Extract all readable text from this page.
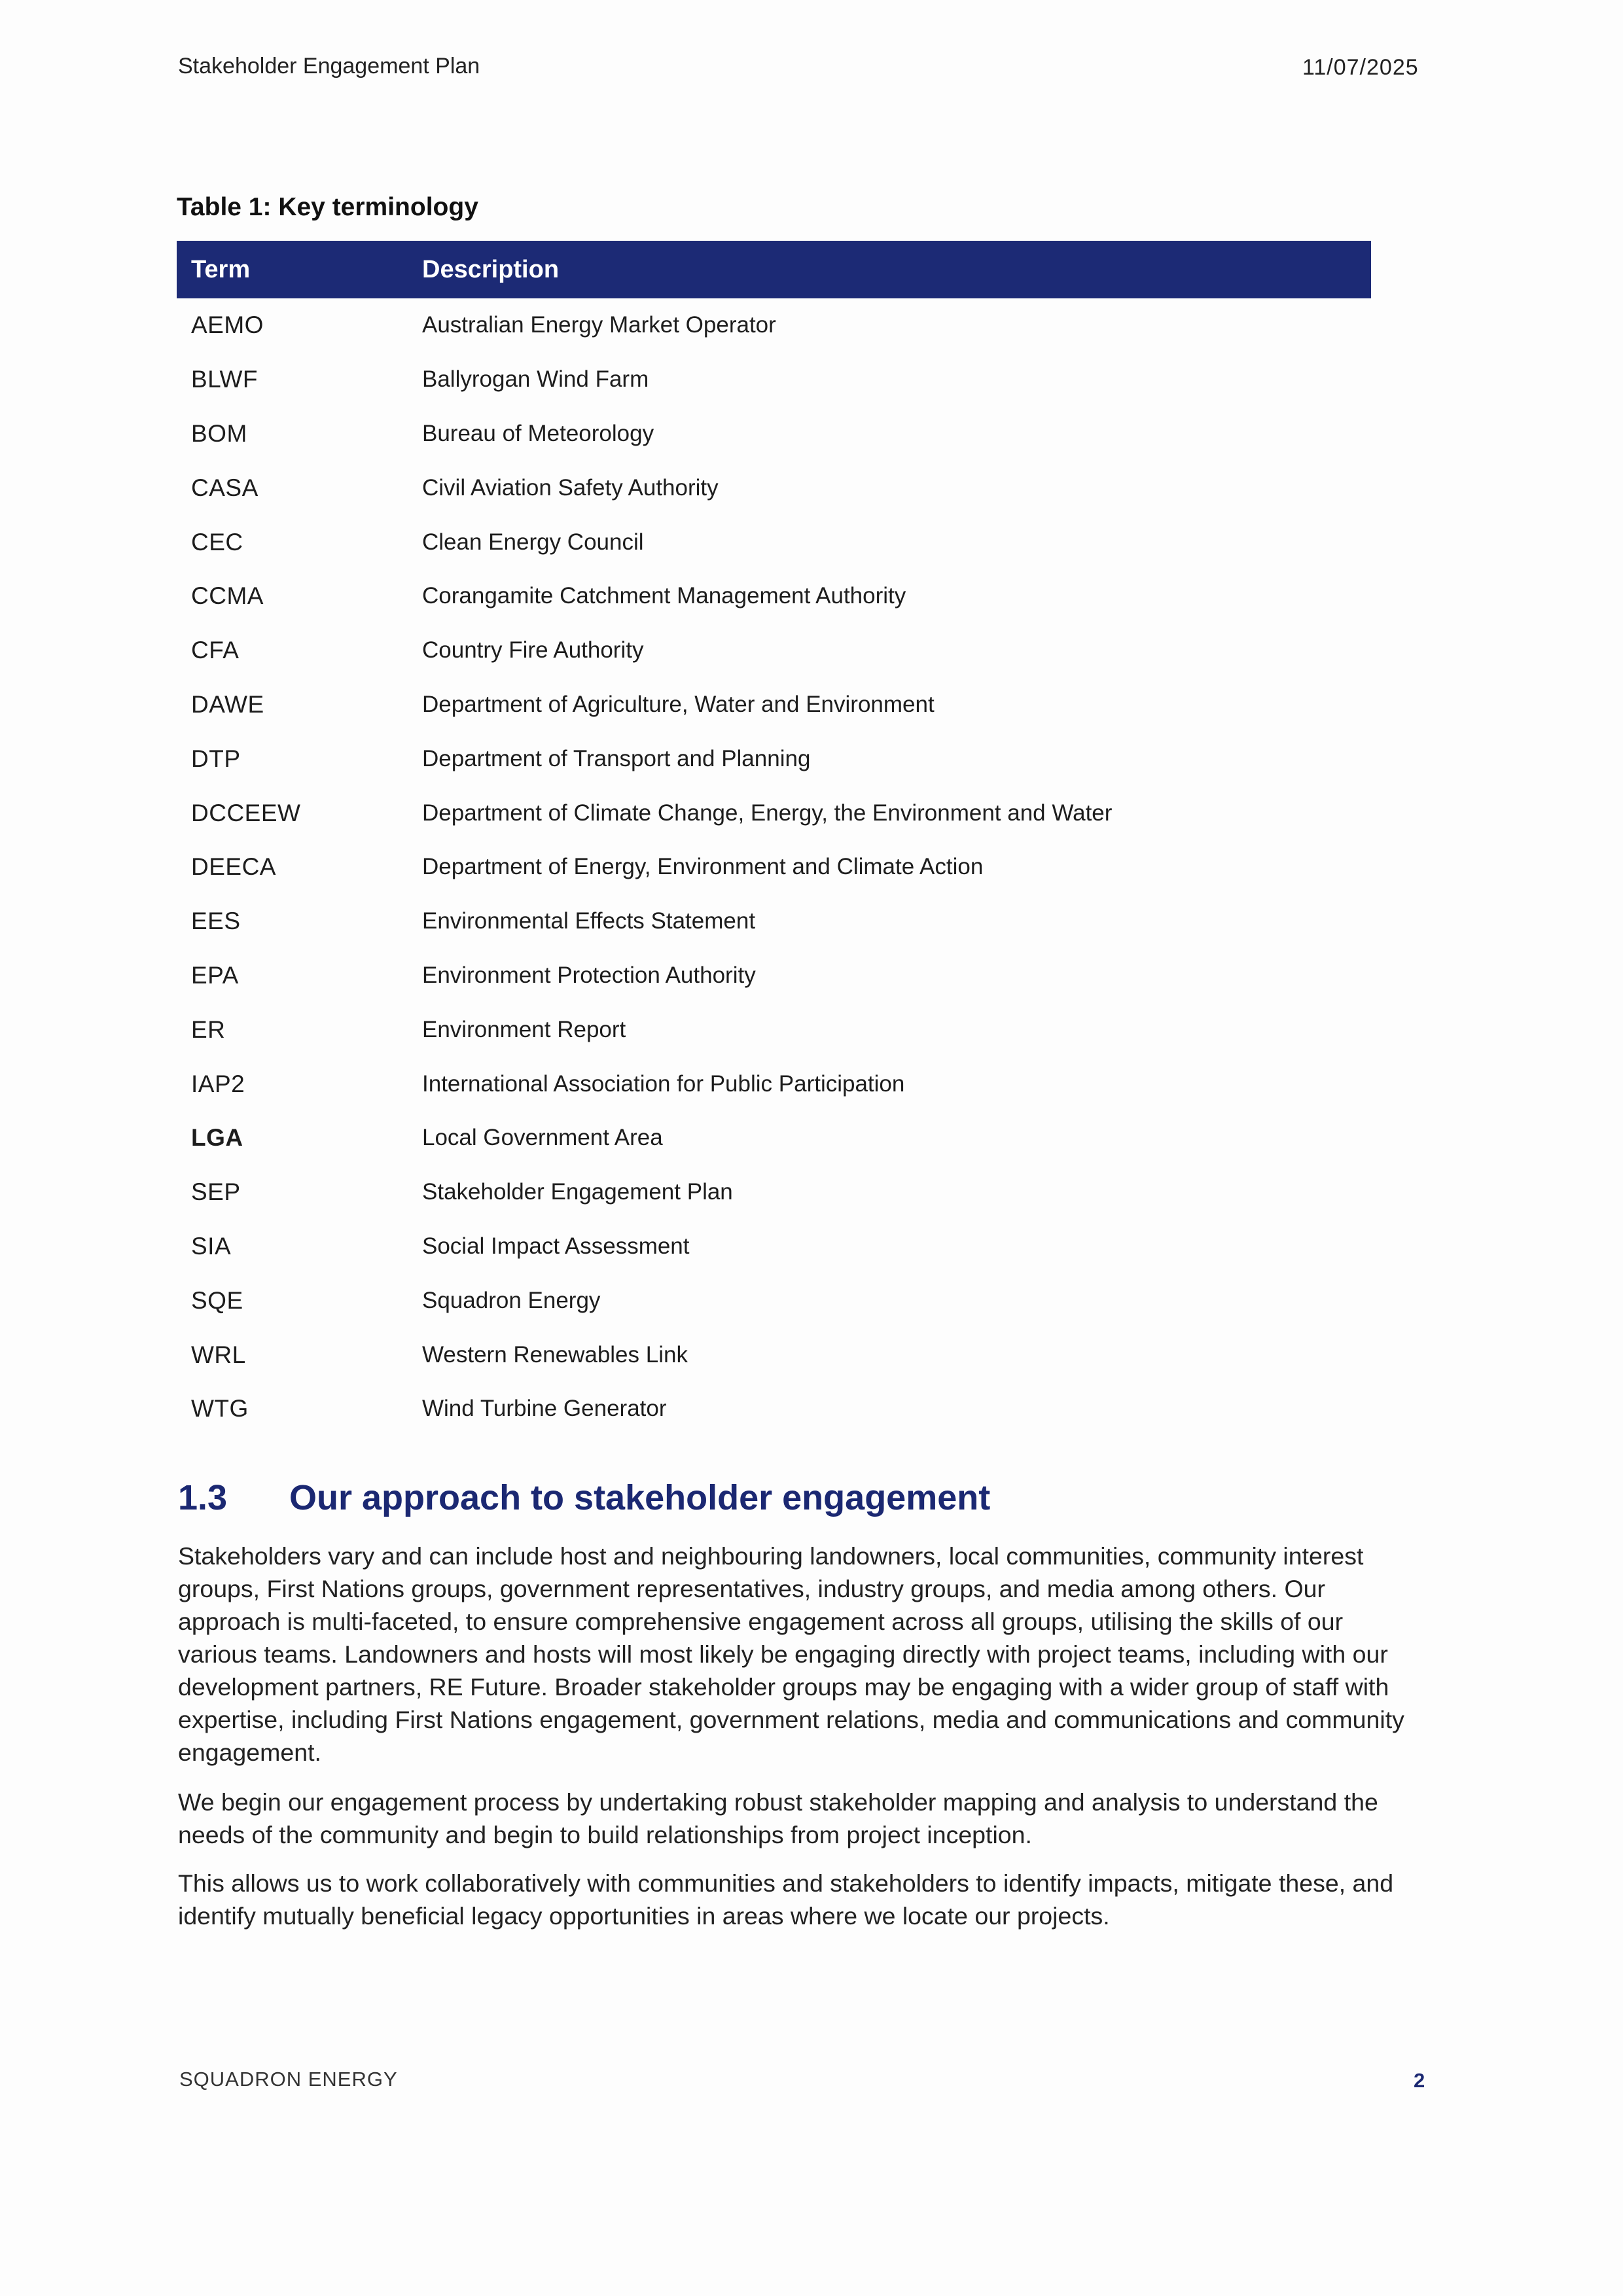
Stakeholder Engagement Plan	11/07/2025
Table 1: Key terminology
Term	Description
AEMO	Australian Energy Market Operator
BLWF	Ballyrogan Wind Farm
BOM	Bureau of Meteorology
CASA	Civil Aviation Safety Authority
CEC	Clean Energy Council
CCMA	Corangamite Catchment Management Authority
CFA	Country Fire Authority
DAWE	Department of Agriculture, Water and Environment
DTP	Department of Transport and Planning
DCCEEW	Department of Climate Change, Energy, the Environment and Water
DEECA	Department of Energy, Environment and Climate Action
EES	Environmental Effects Statement
EPA	Environment Protection Authority
ER	Environment Report
IAP2	International Association for Public Participation
LGA	Local Government Area
SEP	Stakeholder Engagement Plan
SIA	Social Impact Assessment
SQE	Squadron Energy
WRL	Western Renewables Link
WTG	Wind Turbine Generator
1.3 Our approach to stakeholder engagement

Stakeholders vary and can include host and neighbouring landowners, local communities, community interest groups, First Nations groups, government representatives, industry groups, and media among others. Our approach is multi-faceted, to ensure comprehensive engagement across all groups, utilising the skills of our various teams. Landowners and hosts will most likely be engaging directly with project teams, including with our development partners, RE Future. Broader stakeholder groups may be engaging with a wider group of staff with expertise, including First Nations engagement, government relations, media and communications and community engagement.

We begin our engagement process by undertaking robust stakeholder mapping and analysis to understand the needs of the community and begin to build relationships from project inception.

This allows us to work collaboratively with communities and stakeholders to identify impacts, mitigate these, and identify mutually beneficial legacy opportunities in areas where we locate our projects.

SQUADRON ENERGY	2
